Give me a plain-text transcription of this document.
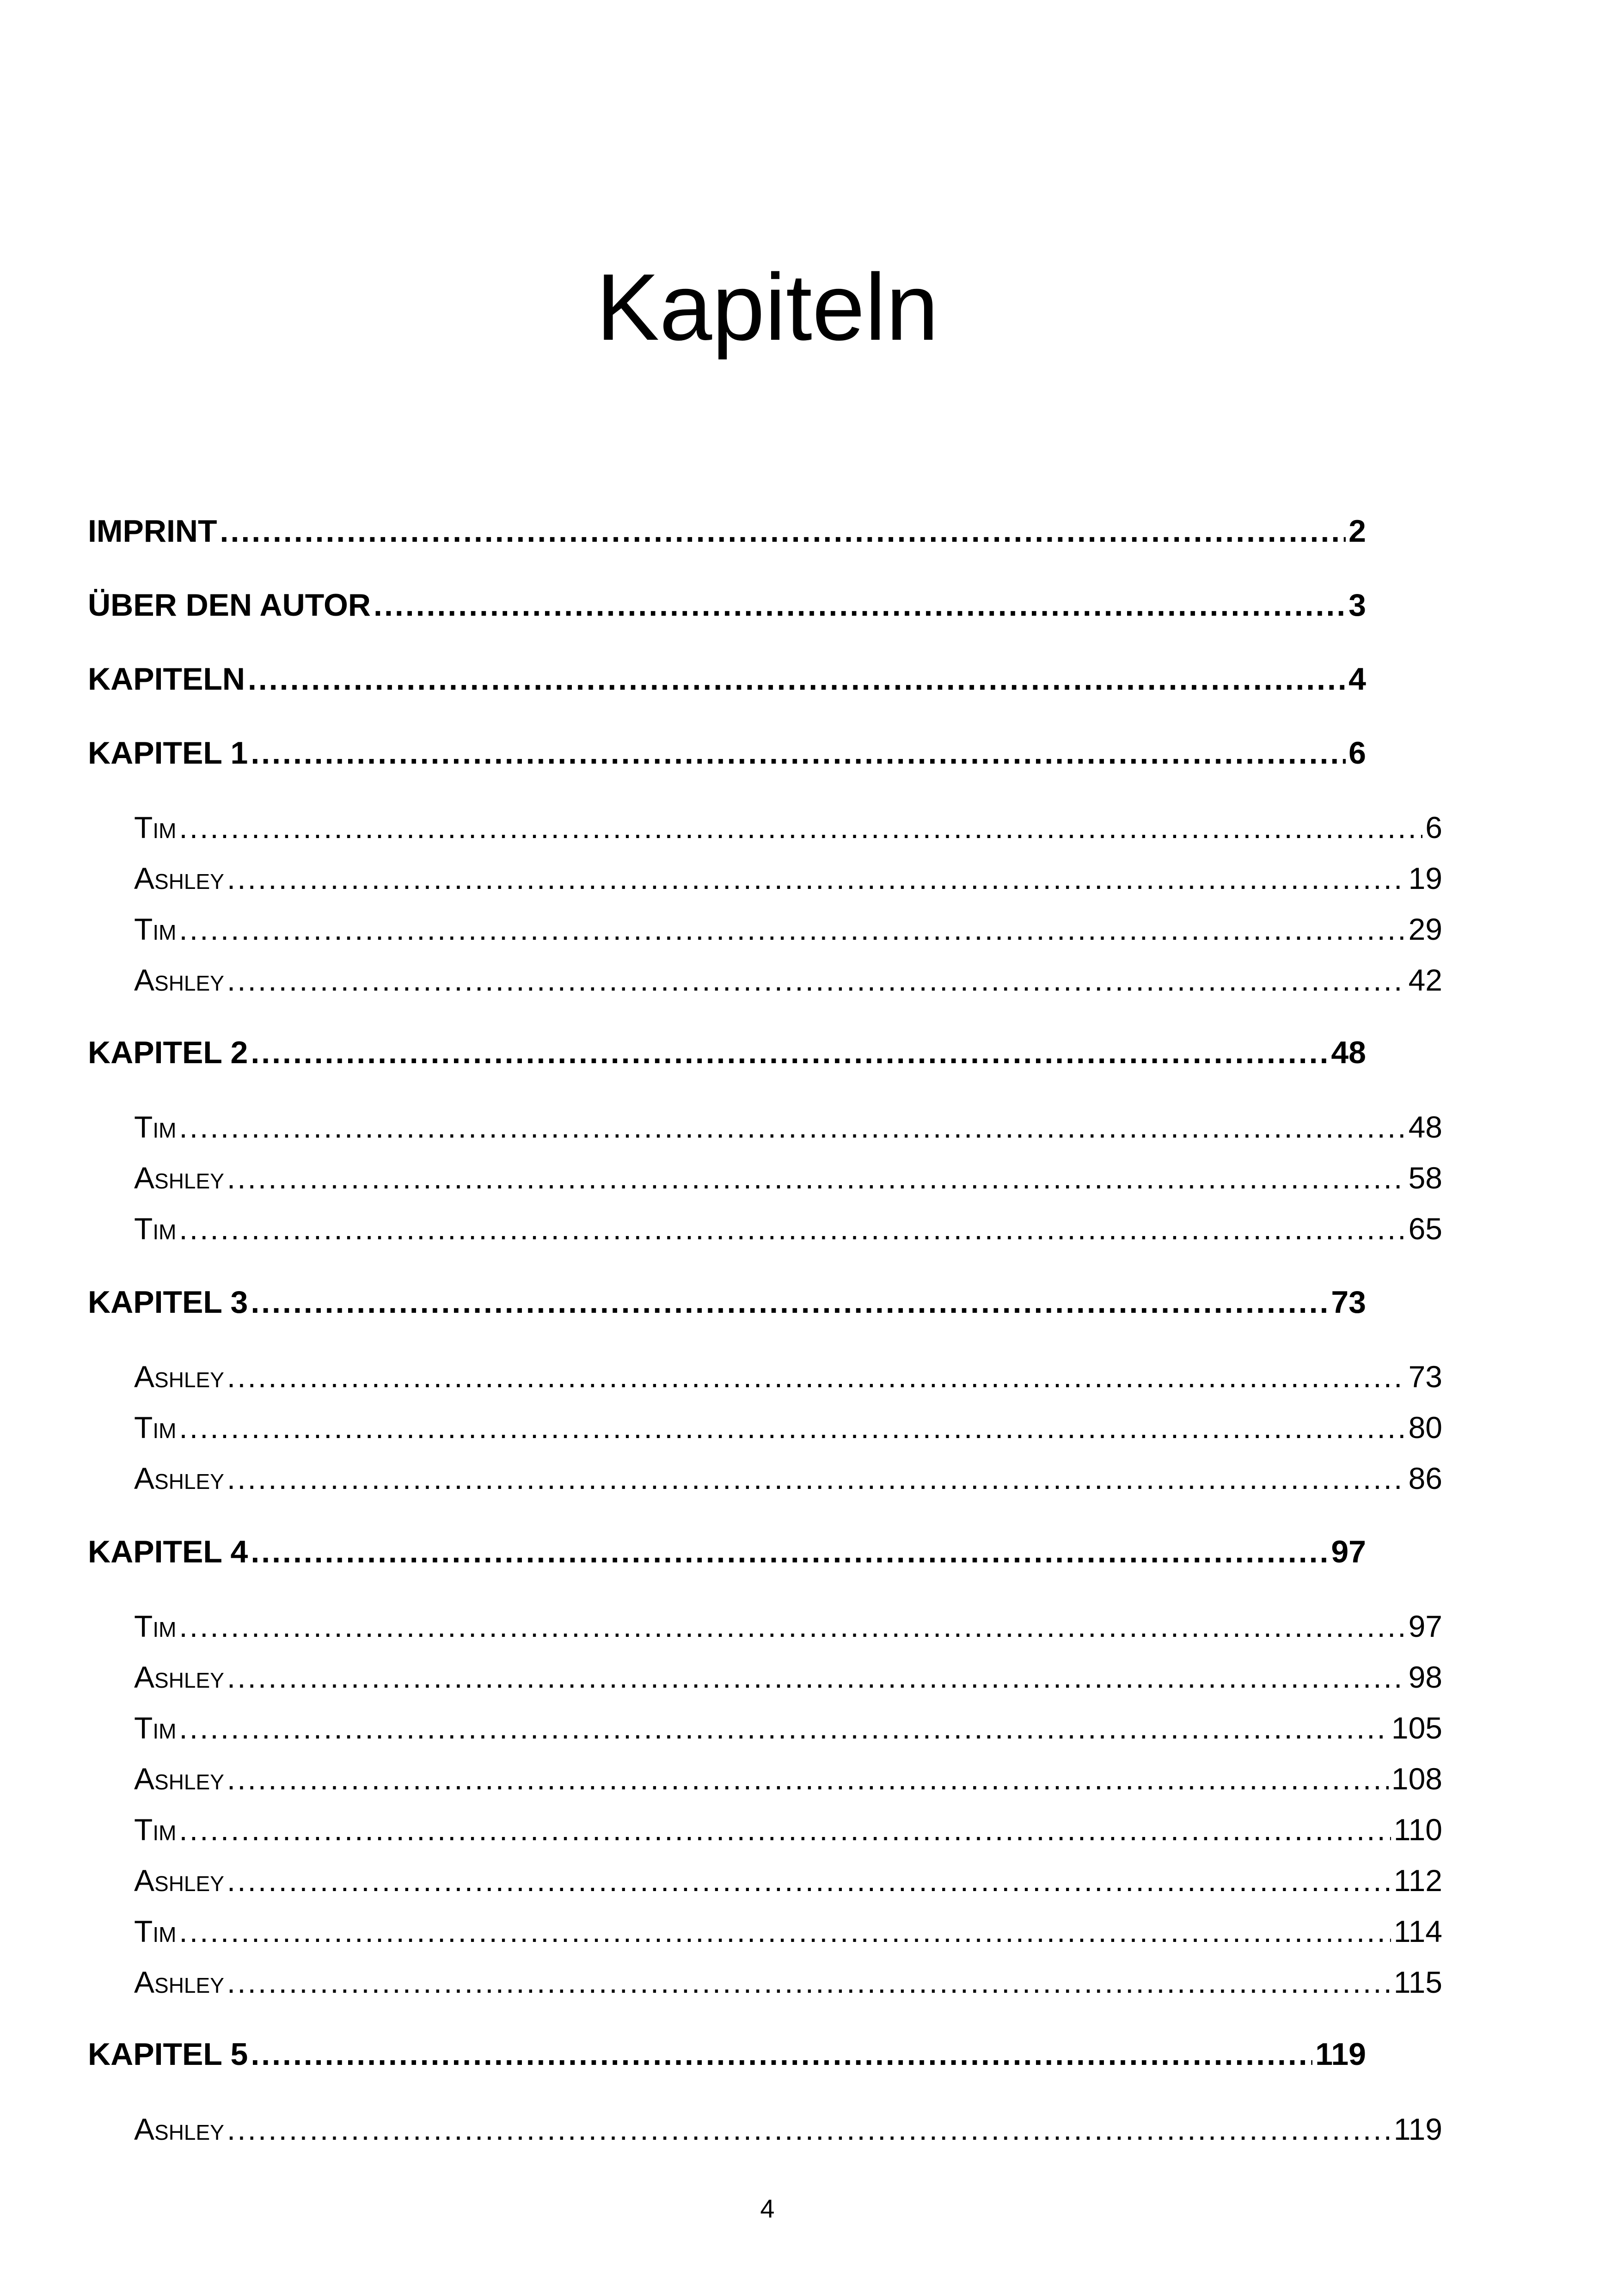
Kapiteln
IMPRINT .....	2
ÜBER DEN AUTOR .....	3
KAPITELN .....	4
KAPITEL 1 .....	6
Tim .....	6
Ashley .....	19
Tim .....	29
Ashley .....	42
KAPITEL 2 .....	48
Tim .....	48
Ashley .....	58
Tim .....	65
KAPITEL 3 .....	73
Ashley .....	73
Tim .....	80
Ashley .....	86
KAPITEL 4 .....	97
Tim .....	97
Ashley .....	98
Tim .....	105
Ashley .....	108
Tim .....	110
Ashley .....	112
Tim .....	114
Ashley .....	115
KAPITEL 5 .....	119
Ashley .....	119
4
